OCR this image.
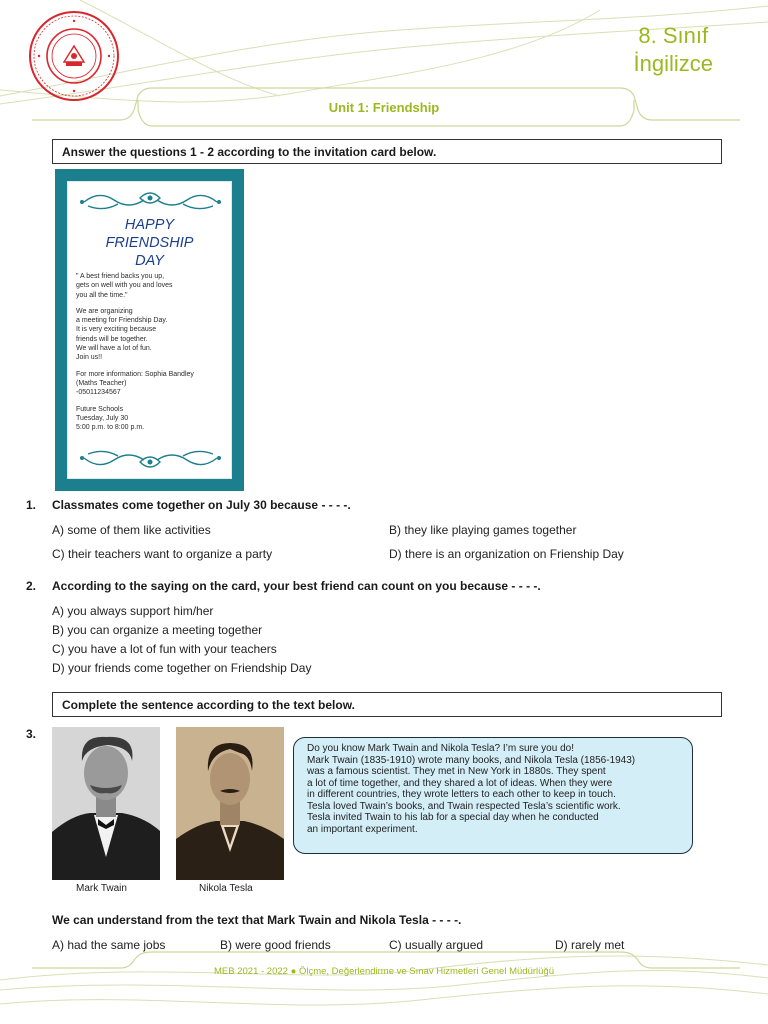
8. Sınıf
İngilizce
Unit 1: Friendship
Answer the questions 1 - 2 according to the invitation card below.
HAPPY
FRIENDSHIP
DAY

" A best friend backs you up,
gets on well with you and loves
you all the time."

We are organizing
a meeting for Friendship Day.
It is very exciting because
friends will be together.
We will have a lot of fun.
Join us!!

For more information: Sophia Bandley
(Maths Teacher)
-05011234567

Future Schools
Tuesday, July 30
5:00 p.m. to 8:00 p.m.

1. Classmates come together on July 30 because - - - -.
A) some of them like activities	B) they like playing games together
C) their teachers want to organize a party	D) there is an organization on Frienship Day
2. According to the saying on the card, your best friend can count on you because - - - -.
A) you always support him/her
B) you can organize a meeting together
C) you have a lot of fun with your teachers
D) your friends come together on Friendship Day
Complete the sentence according to the text below.
3.
Mark Twain	Nikola Tesla
Do you know Mark Twain and Nikola Tesla? I’m sure you do!
Mark Twain (1835-1910) wrote many books, and Nikola Tesla (1856-1943)
was a famous scientist. They met in New York in 1880s. They spent
a lot of time together, and they shared a lot of ideas. When they were
in different countries, they wrote letters to each other to keep in touch.
Tesla loved Twain’s books, and Twain respected Tesla’s scientific work.
Tesla invited Twain to his lab for a special day when he conducted
an important experiment.
We can understand from the text that Mark Twain and Nikola Tesla - - - -.
A) had the same jobs	B) were good friends	C) usually argued	D) rarely met
MEB 2021 - 2022 ● Ölçme, Değerlendirme ve Sınav Hizmetleri Genel Müdürlüğü
